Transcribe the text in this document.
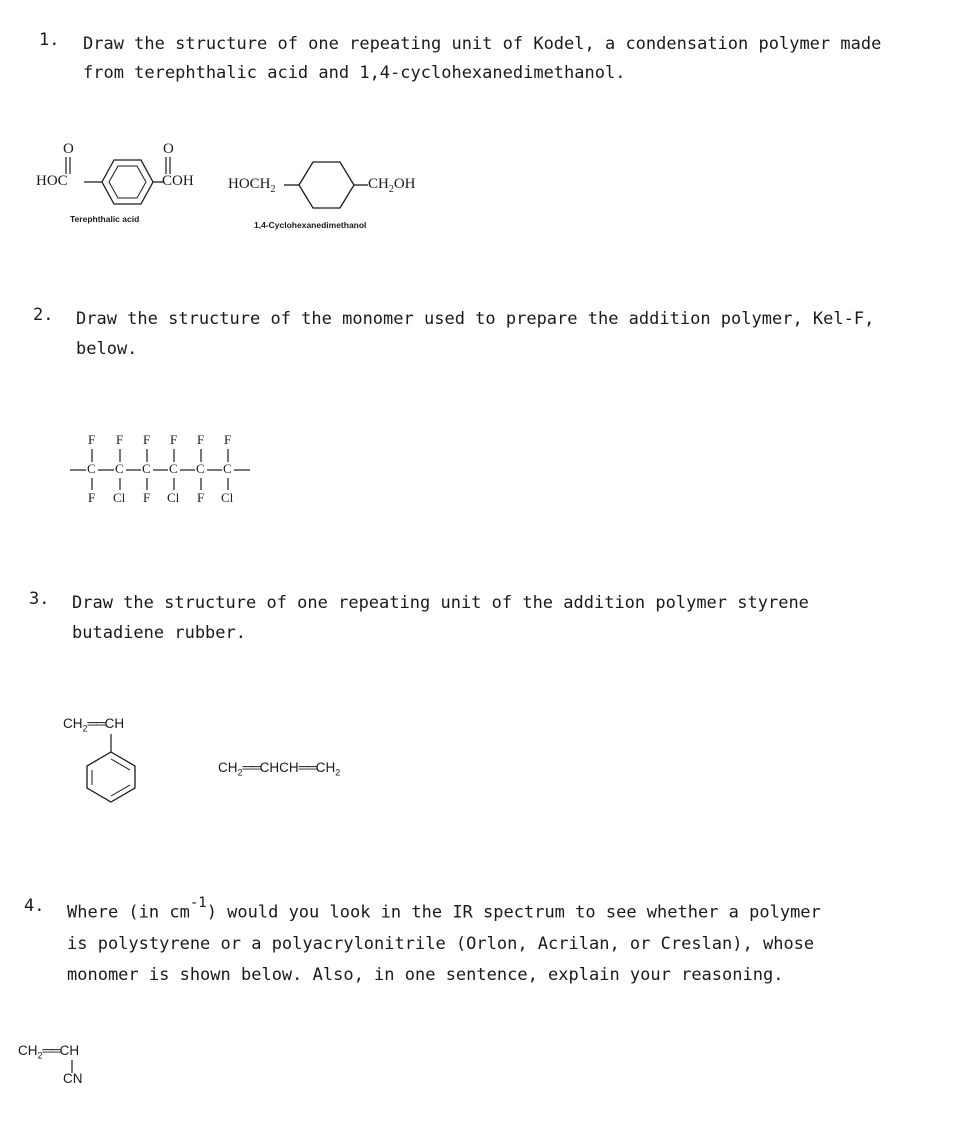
1. Draw the structure of one repeating unit of Kodel, a condensation polymer made
from terephthalic acid and 1,4-cyclohexanedimethanol.
O	O
HOC	COH
Terephthalic acid
$HOCH_2$	$CH_2OH$
1,4-Cyclohexanedimethanol
2. Draw the structure of the monomer used to prepare the addition polymer, Kel-F,
below.
F F F F F F
C C C C C C
F Cl F Cl F Cl
3. Draw the structure of one repeating unit of the addition polymer styrene
butadiene rubber.
$CH_2══CH$
$CH_2══CHCH══CH_2$
4. Where (in $cm^{-1}$) would you look in the IR spectrum to see whether a polymer
is polystyrene or a polyacrylonitrile (Orlon, Acrilan, or Creslan), whose
monomer is shown below. Also, in one sentence, explain your reasoning.
$CH_2══CH$
CN
